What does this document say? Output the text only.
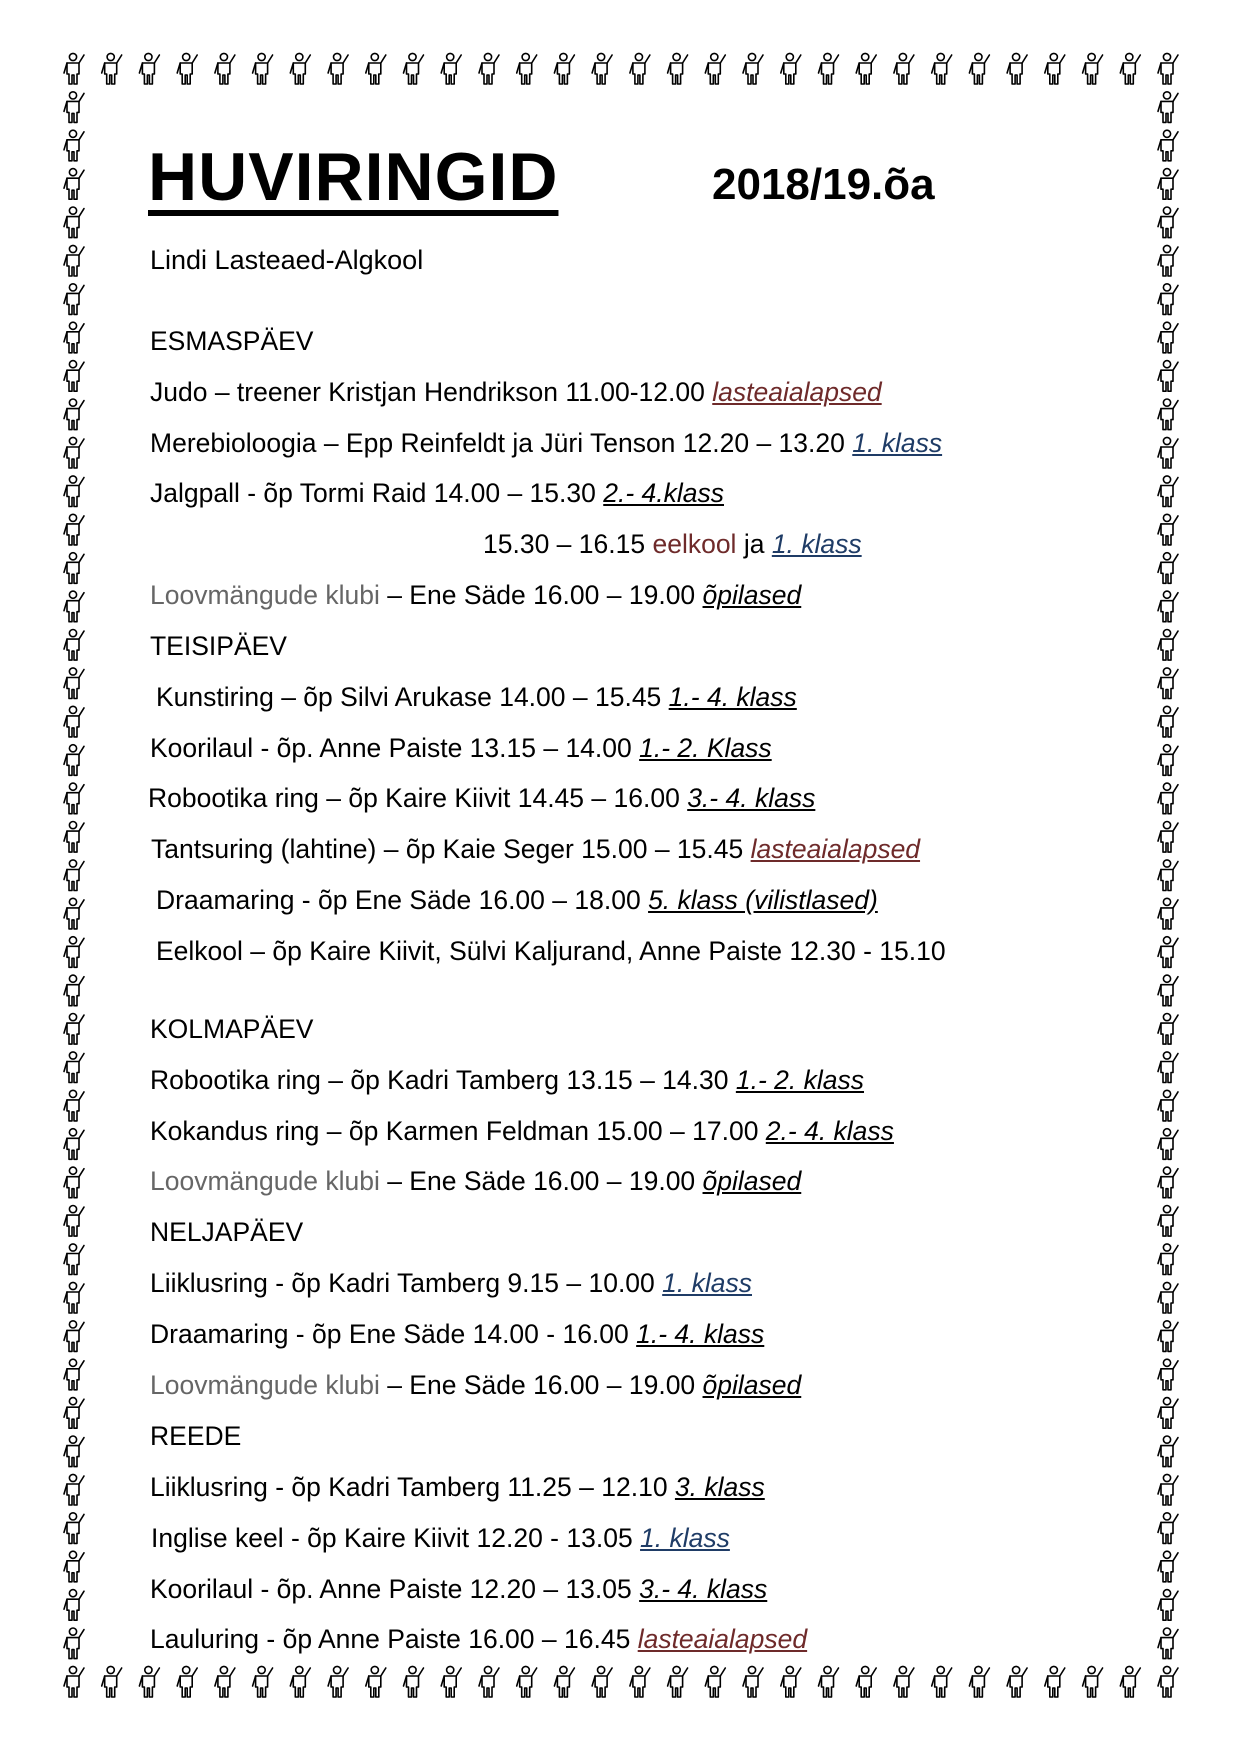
HUVIRINGID	2018/19.õa
Lindi Lasteaed-Algkool
ESMASPÄEV
Judo – treener Kristjan Hendrikson 11.00-12.00 lasteaialapsed
Merebioloogia – Epp Reinfeldt ja Jüri Tenson 12.20 – 13.20 1. klass
Jalgpall - õp Tormi Raid 14.00 – 15.30 2.- 4.klass
15.30 – 16.15 eelkool ja 1. klass
Loovmängude klubi – Ene Säde 16.00 – 19.00 õpilased
TEISIPÄEV
Kunstiring – õp Silvi Arukase 14.00 – 15.45 1.- 4. klass
Koorilaul - õp. Anne Paiste 13.15 – 14.00 1.- 2. Klass
Robootika ring – õp Kaire Kiivit 14.45 – 16.00 3.- 4. klass
Tantsuring (lahtine) – õp Kaie Seger 15.00 – 15.45 lasteaialapsed
Draamaring - õp Ene Säde 16.00 – 18.00 5. klass (vilistlased)
Eelkool – õp Kaire Kiivit, Sülvi Kaljurand, Anne Paiste 12.30 - 15.10
KOLMAPÄEV
Robootika ring – õp Kadri Tamberg 13.15 – 14.30 1.- 2. klass
Kokandus ring – õp Karmen Feldman 15.00 – 17.00 2.- 4. klass
Loovmängude klubi – Ene Säde 16.00 – 19.00 õpilased
NELJAPÄEV
Liiklusring - õp Kadri Tamberg 9.15 – 10.00 1. klass
Draamaring - õp Ene Säde 14.00 - 16.00 1.- 4. klass
Loovmängude klubi – Ene Säde 16.00 – 19.00 õpilased
REEDE
Liiklusring - õp Kadri Tamberg 11.25 – 12.10 3. klass
Inglise keel - õp Kaire Kiivit 12.20 - 13.05 1. klass
Koorilaul - õp. Anne Paiste 12.20 – 13.05 3.- 4. klass
Lauluring - õp Anne Paiste 16.00 – 16.45 lasteaialapsed
